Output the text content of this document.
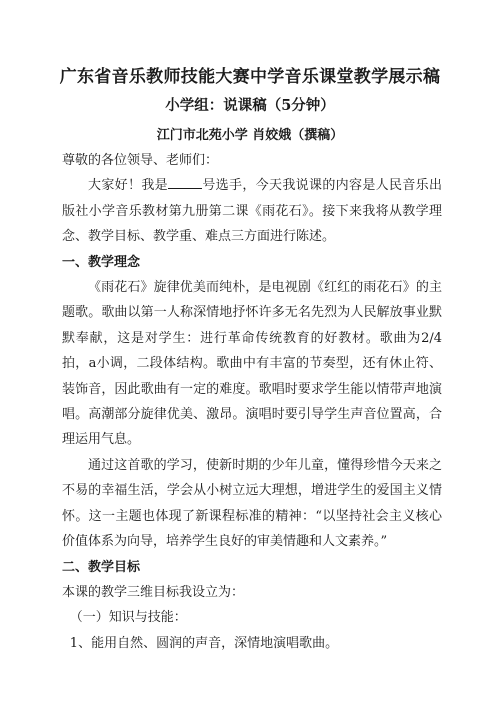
广东省音乐教师技能大赛中学音乐课堂教学展示稿
小学组：说课稿（5分钟）
江门市北苑小学 肖姣娥（撰稿）

尊敬的各位领导、老师们：

大家好！我是	号选手，今天我说课的内容是人民音乐出版社小学音乐教材第九册第二课《雨花石》。接下来我将从教学理念、教学目标、教学重、难点三方面进行陈述。

一、教学理念

《雨花石》旋律优美而纯朴，是电视剧《红红的雨花石》的主题歌。歌曲以第一人称深情地抒怀许多无名先烈为人民解放事业默默奉献，这是对学生：进行革命传统教育的好教材。歌曲为2/4拍，a小调，二段体结构。歌曲中有丰富的节奏型，还有休止符、装饰音，因此歌曲有一定的难度。歌唱时要求学生能以情带声地演唱。高潮部分旋律优美、激昂。演唱时要引导学生声音位置高，合理运用气息。

通过这首歌的学习，使新时期的少年儿童，懂得珍惜今天来之不易的幸福生活，学会从小树立远大理想，增进学生的爱国主义情怀。这一主题也体现了新课程标准的精神：“以坚持社会主义核心价值体系为向导，培养学生良好的审美情趣和人文素养。”

二、教学目标

本课的教学三维目标我设立为：

（一）知识与技能：

1、能用自然、圆润的声音，深情地演唱歌曲。
